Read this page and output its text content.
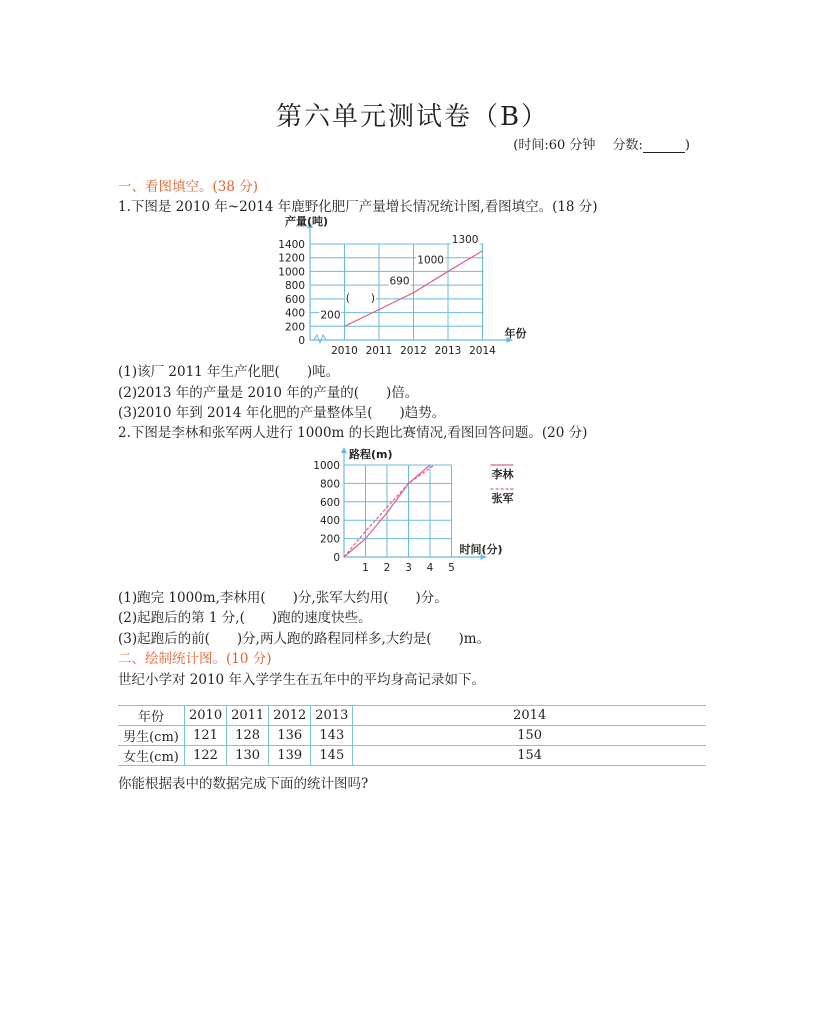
第六单元测试卷（B）
(时间:60 分钟　 分数:	)
一、看图填空。(38 分)
1.下图是 2010 年~2014 年鹿野化肥厂产量增长情况统计图,看图填空。(18 分)
产量(吨)
年份
0
200
400
600
800
1000
1200
1400
2010 2011 2012 2013 2014
200
(　　)
690
1000
1300
(1)该厂 2011 年生产化肥(　　)吨。
(2)2013 年的产量是 2010 年的产量的(　　)倍。
(3)2010 年到 2014 年化肥的产量整体呈(　　)趋势。
2.下图是李林和张军两人进行 1000m 的长跑比赛情况,看图回答问题。(20 分)
路程(m)
时间(分)
0
200
400
600
800
1000
1 2 3 4 5
李林
张军
(1)跑完 1000m,李林用(　　)分,张军大约用(　　)分。
(2)起跑后的第 1 分,(　　)跑的速度快些。
(3)起跑后的前(　　)分,两人跑的路程同样多,大约是(　　)m。
二、绘制统计图。(10 分)
世纪小学对 2010 年入学学生在五年中的平均身高记录如下。
年份	2010	2011	2012	2013	2014
男生(cm)	121	128	136	143	150
女生(cm)	122	130	139	145	154
你能根据表中的数据完成下面的统计图吗?
